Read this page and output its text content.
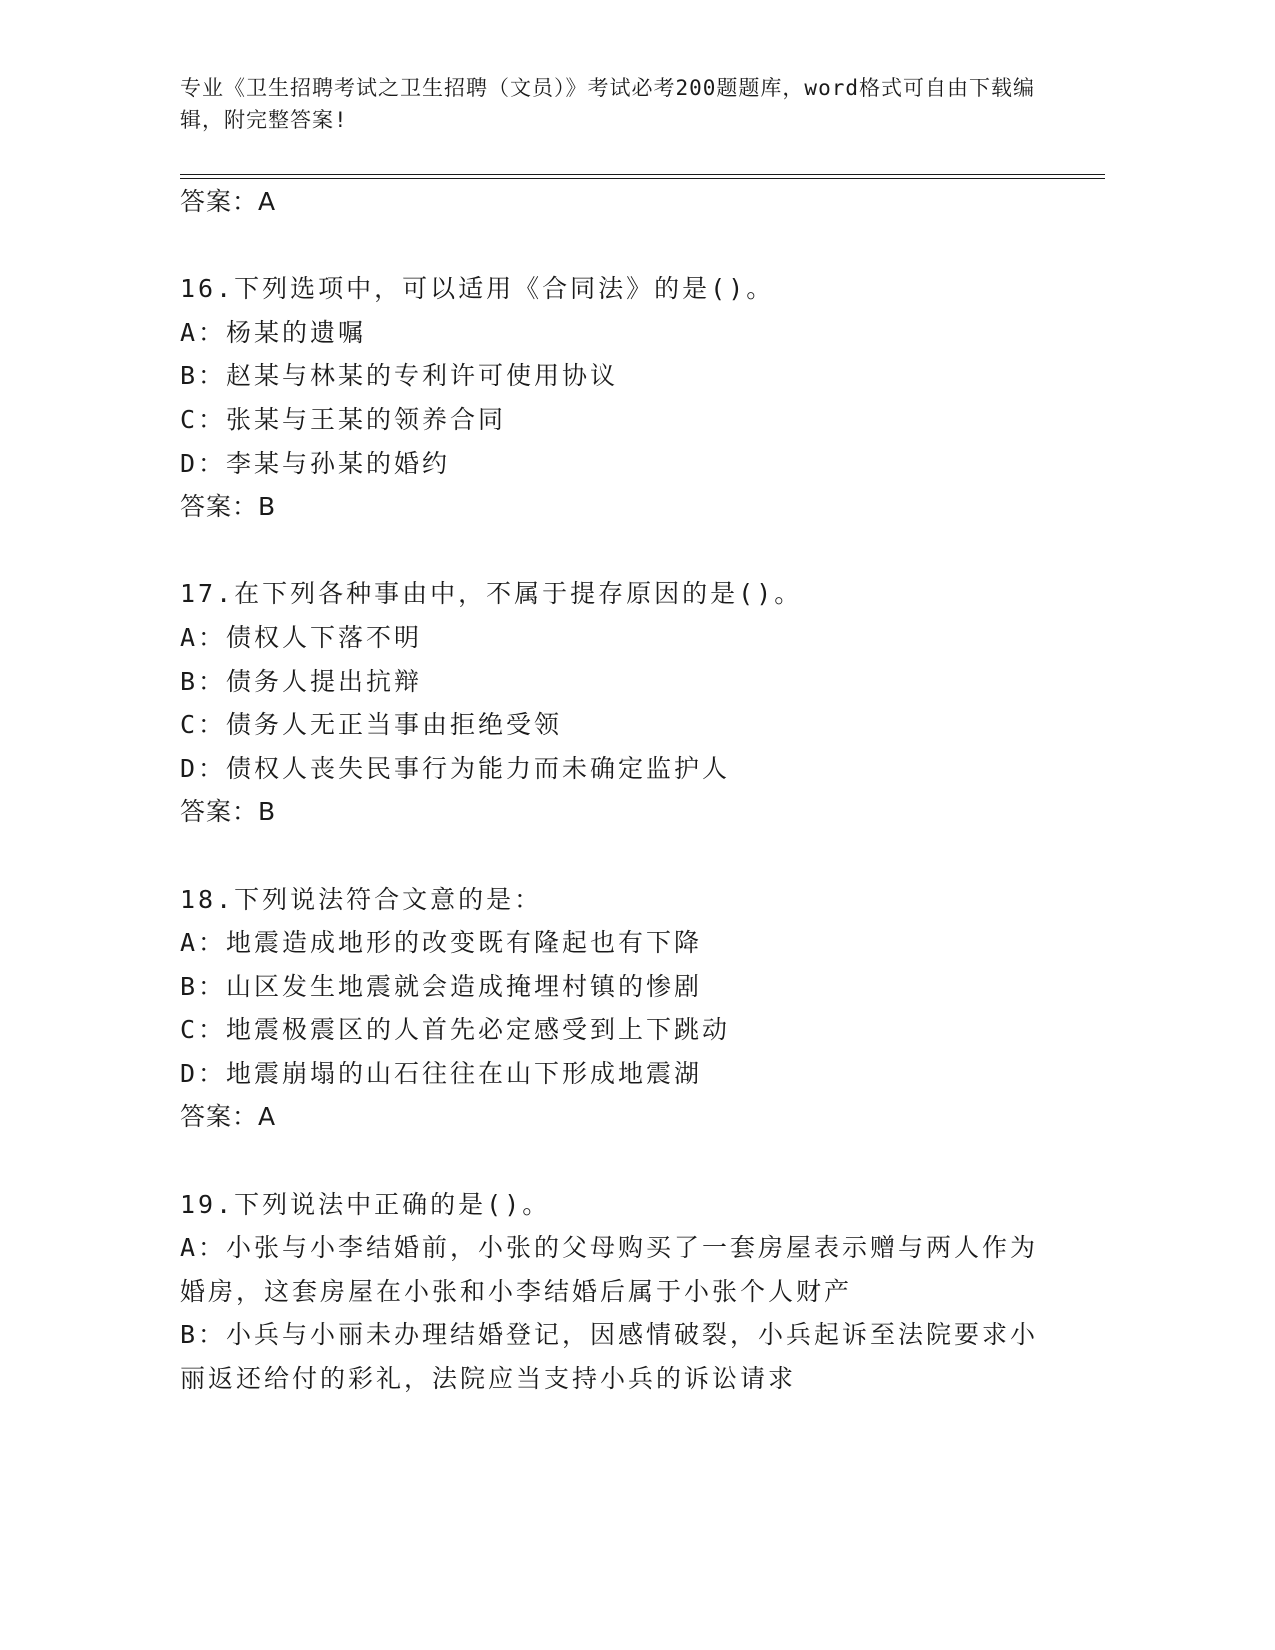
专业《卫生招聘考试之卫生招聘（文员）》考试必考200题题库，word格式可自由下载编辑，附完整答案!
答案：A
16.下列选项中，可以适用《合同法》的是()。
A：杨某的遗嘱
B：赵某与林某的专利许可使用协议
C：张某与王某的领养合同
D：李某与孙某的婚约
答案：B
17.在下列各种事由中，不属于提存原因的是()。
A：债权人下落不明
B：债务人提出抗辩
C：债务人无正当事由拒绝受领
D：债权人丧失民事行为能力而未确定监护人
答案：B
18.下列说法符合文意的是：
A：地震造成地形的改变既有隆起也有下降
B：山区发生地震就会造成掩埋村镇的惨剧
C：地震极震区的人首先必定感受到上下跳动
D：地震崩塌的山石往往在山下形成地震湖
答案：A
19.下列说法中正确的是()。
A：小张与小李结婚前，小张的父母购买了一套房屋表示赠与两人作为婚房，这套房屋在小张和小李结婚后属于小张个人财产
B：小兵与小丽未办理结婚登记，因感情破裂，小兵起诉至法院要求小丽返还给付的彩礼，法院应当支持小兵的诉讼请求
